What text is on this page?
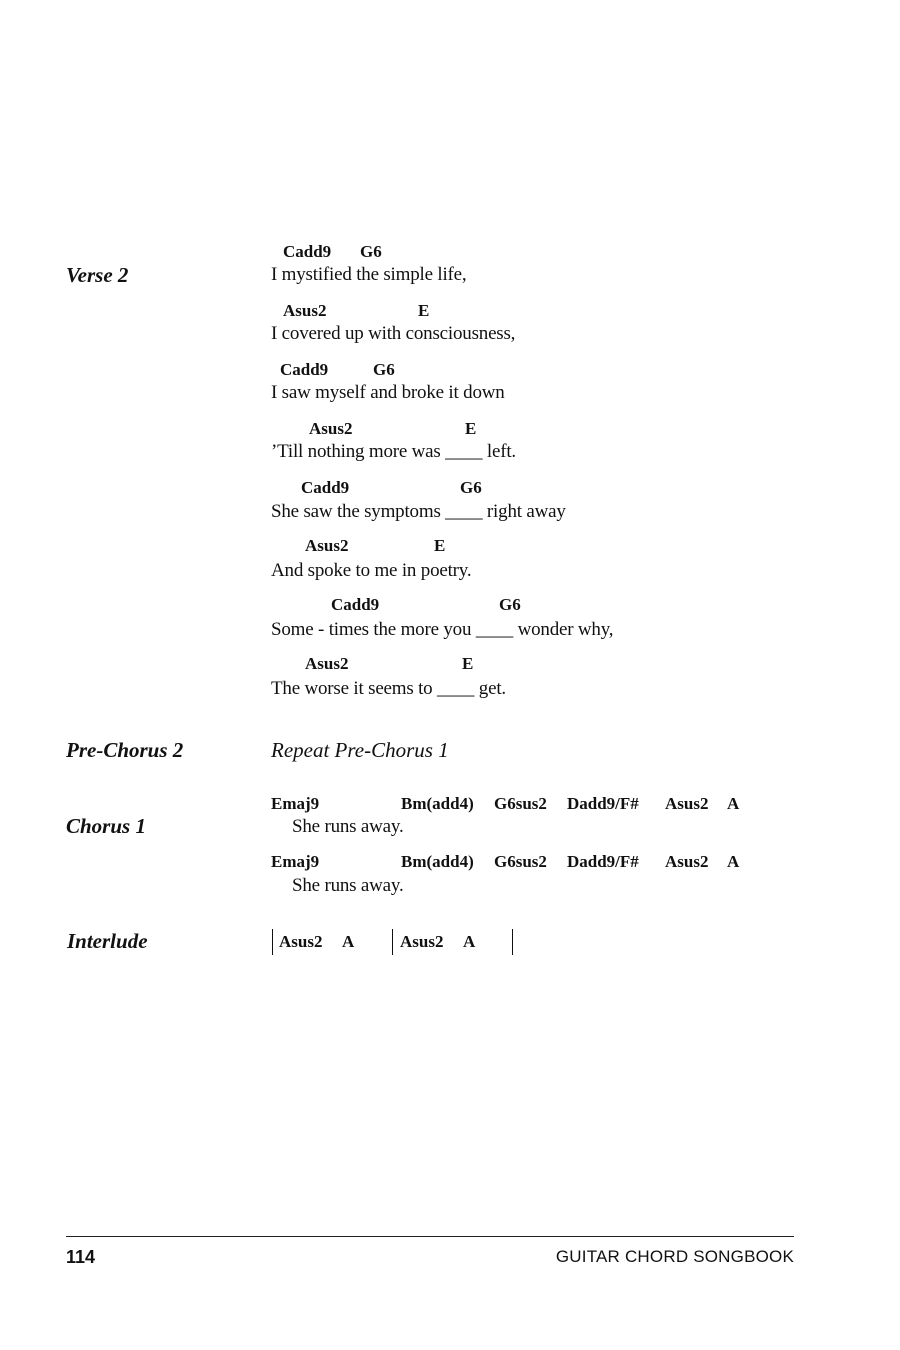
Verse 2
Cadd9 G6
I mystified the simple life,
Asus2	E
I covered up with consciousness,
Cadd9	G6
I saw myself and broke it down
Asus2	E
’Till nothing more was ____ left.
Cadd9	G6
She saw the symptoms ____ right away
Asus2	E
And spoke to me in poetry.
Cadd9	G6
Some - times the more you ____ wonder why,
Asus2	E
The worse it seems to ____ get.
Pre-Chorus 2	Repeat Pre-Chorus 1
Chorus 1
Emaj9	Bm(add4) G6sus2 Dadd9/F# Asus2 A
She runs away.
Emaj9	Bm(add4) G6sus2 Dadd9/F# Asus2 A
She runs away.
Interlude	Asus2 A	Asus2 A
114	GUITAR CHORD SONGBOOK
